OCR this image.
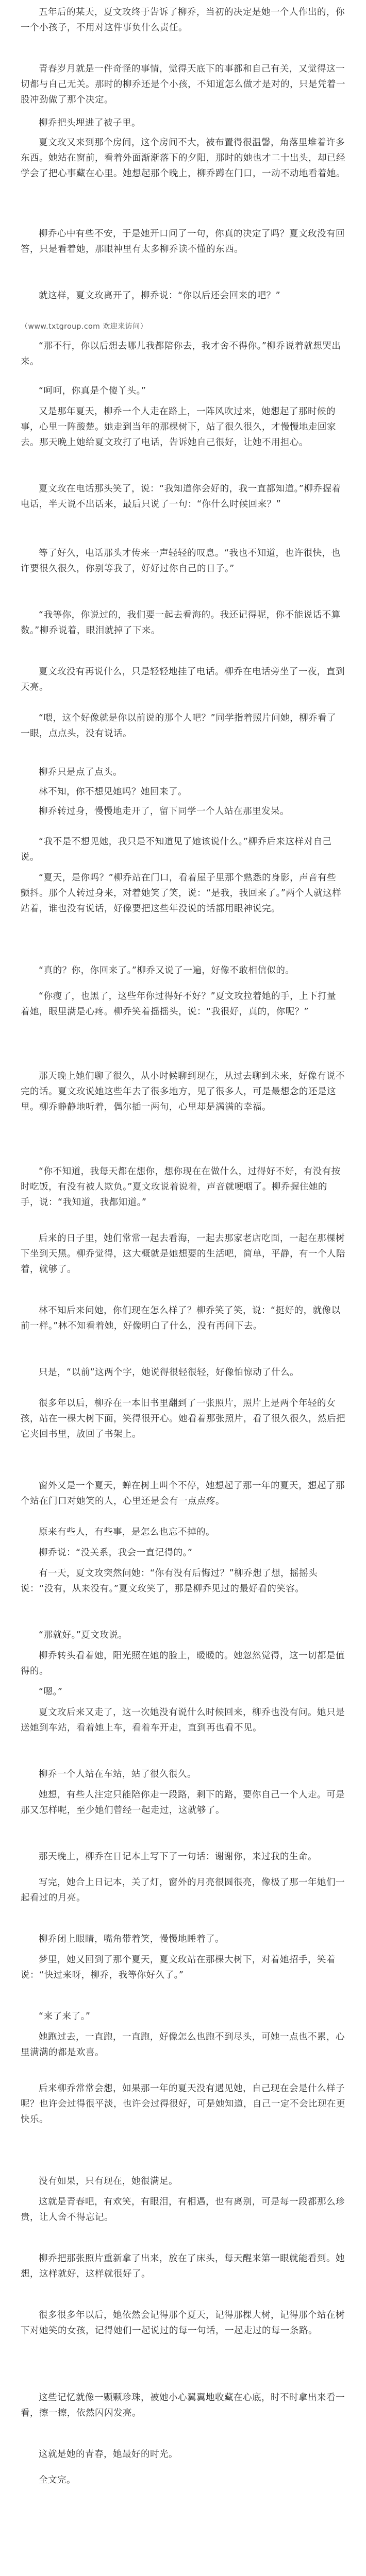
五年后的某天，夏文玫终于告诉了柳乔，当初的决定是她一个人作出的，你一个小孩子，不用对这件事负什么责任。

青春岁月就是一件奇怪的事情，觉得天底下的事都和自己有关，又觉得这一切都与自己无关。那时的柳乔还是个小孩，不知道怎么做才是对的，只是凭着一股冲劲做了那个决定。

柳乔把头埋进了被子里。

夏文玫又来到那个房间，这个房间不大，被布置得很温馨，角落里堆着许多东西。她站在窗前，看着外面渐渐落下的夕阳，那时的她也才二十出头，却已经学会了把心事藏在心里。她想起那个晚上，柳乔蹲在门口，一动不动地看着她。

柳乔心中有些不安，于是她开口问了一句，你真的决定了吗？夏文玫没有回答，只是看着她，那眼神里有太多柳乔读不懂的东西。

就这样，夏文玫离开了，柳乔说：“你以后还会回来的吧？”

（www.txtgroup.com 欢迎来访问）

“那不行，你以后想去哪儿我都陪你去，我才舍不得你。”柳乔说着就想哭出来。

“呵呵，你真是个傻丫头。”

又是那年夏天，柳乔一个人走在路上，一阵风吹过来，她想起了那时候的事，心里一阵酸楚。她走到当年的那棵树下，站了很久很久，才慢慢地走回家去。那天晚上她给夏文玫打了电话，告诉她自己很好，让她不用担心。

夏文玫在电话那头笑了，说：“我知道你会好的，我一直都知道。”柳乔握着电话，半天说不出话来，最后只说了一句：“你什么时候回来？”

等了好久，电话那头才传来一声轻轻的叹息。“我也不知道，也许很快，也许要很久很久，你别等我了，好好过你自己的日子。”

“我等你，你说过的，我们要一起去看海的。我还记得呢，你不能说话不算数。”柳乔说着，眼泪就掉了下来。

夏文玫没有再说什么，只是轻轻地挂了电话。柳乔在电话旁坐了一夜，直到天亮。

“喂，这个好像就是你以前说的那个人吧？”同学指着照片问她，柳乔看了一眼，点点头，没有说话。

柳乔只是点了点头。

林不知，你不想见她吗？她回来了。

柳乔转过身，慢慢地走开了，留下同学一个人站在那里发呆。

“我不是不想见她，我只是不知道见了她该说什么。”柳乔后来这样对自己说。

“夏天，是你吗？”柳乔站在门口，看着屋子里那个熟悉的身影，声音有些颤抖。那个人转过身来，对着她笑了笑，说：“是我，我回来了。”两个人就这样站着，谁也没有说话，好像要把这些年没说的话都用眼神说完。

“真的？你，你回来了。”柳乔又说了一遍，好像不敢相信似的。

“你瘦了，也黑了，这些年你过得好不好？”夏文玫拉着她的手，上下打量着她，眼里满是心疼。柳乔笑着摇摇头，说：“我很好，真的，你呢？”

那天晚上她们聊了很久，从小时候聊到现在，从过去聊到未来，好像有说不完的话。夏文玫说她这些年去了很多地方，见了很多人，可是最想念的还是这里。柳乔静静地听着，偶尔插一两句，心里却是满满的幸福。

“你不知道，我每天都在想你，想你现在在做什么，过得好不好，有没有按时吃饭，有没有被人欺负。”夏文玫说着说着，声音就哽咽了。柳乔握住她的手，说：“我知道，我都知道。”

后来的日子里，她们常常一起去看海，一起去那家老店吃面，一起在那棵树下坐到天黑。柳乔觉得，这大概就是她想要的生活吧，简单，平静，有一个人陪着，就够了。

林不知后来问她，你们现在怎么样了？柳乔笑了笑，说：“挺好的，就像以前一样。”林不知看着她，好像明白了什么，没有再问下去。

只是，“以前”这两个字，她说得很轻很轻，好像怕惊动了什么。

很多年以后，柳乔在一本旧书里翻到了一张照片，照片上是两个年轻的女孩，站在一棵大树下面，笑得很开心。她看着那张照片，看了很久很久，然后把它夹回书里，放回了书架上。

窗外又是一个夏天，蝉在树上叫个不停，她想起了那一年的夏天，想起了那个站在门口对她笑的人，心里还是会有一点点疼。

原来有些人，有些事，是怎么也忘不掉的。

柳乔说：“没关系，我会一直记得的。”

有一天，夏文玫突然问她：“你有没有后悔过？”柳乔想了想，摇摇头说：“没有，从来没有。”夏文玫笑了，那是柳乔见过的最好看的笑容。

“那就好。”夏文玫说。

柳乔转头看着她，阳光照在她的脸上，暖暖的。她忽然觉得，这一切都是值得的。

“嗯。”

夏文玫后来又走了，这一次她没有说什么时候回来，柳乔也没有问。她只是送她到车站，看着她上车，看着车开走，直到再也看不见。

柳乔一个人站在车站，站了很久很久。

她想，有些人注定只能陪你走一段路，剩下的路，要你自己一个人走。可是那又怎样呢，至少她们曾经一起走过，这就够了。

那天晚上，柳乔在日记本上写下了一句话：谢谢你，来过我的生命。

写完，她合上日记本，关了灯，窗外的月亮很圆很亮，像极了那一年她们一起看过的月亮。

柳乔闭上眼睛，嘴角带着笑，慢慢地睡着了。

梦里，她又回到了那个夏天，夏文玫站在那棵大树下，对着她招手，笑着说：“快过来呀，柳乔，我等你好久了。”

“来了来了。”

她跑过去，一直跑，一直跑，好像怎么也跑不到尽头，可她一点也不累，心里满满的都是欢喜。

后来柳乔常常会想，如果那一年的夏天没有遇见她，自己现在会是什么样子呢？也许会过得很平淡，也许会过得很好，可是她知道，自己一定不会比现在更快乐。

没有如果，只有现在，她很满足。

这就是青春吧，有欢笑，有眼泪，有相遇，也有离别，可是每一段都那么珍贵，让人舍不得忘记。

柳乔把那张照片重新拿了出来，放在了床头，每天醒来第一眼就能看到。她想，这样就好，这样就很好了。

很多很多年以后，她依然会记得那个夏天，记得那棵大树，记得那个站在树下对她笑的女孩，记得她们一起说过的每一句话，一起走过的每一条路。

这些记忆就像一颗颗珍珠，被她小心翼翼地收藏在心底，时不时拿出来看一看，擦一擦，依然闪闪发亮。

这就是她的青春，她最好的时光。

全文完。
